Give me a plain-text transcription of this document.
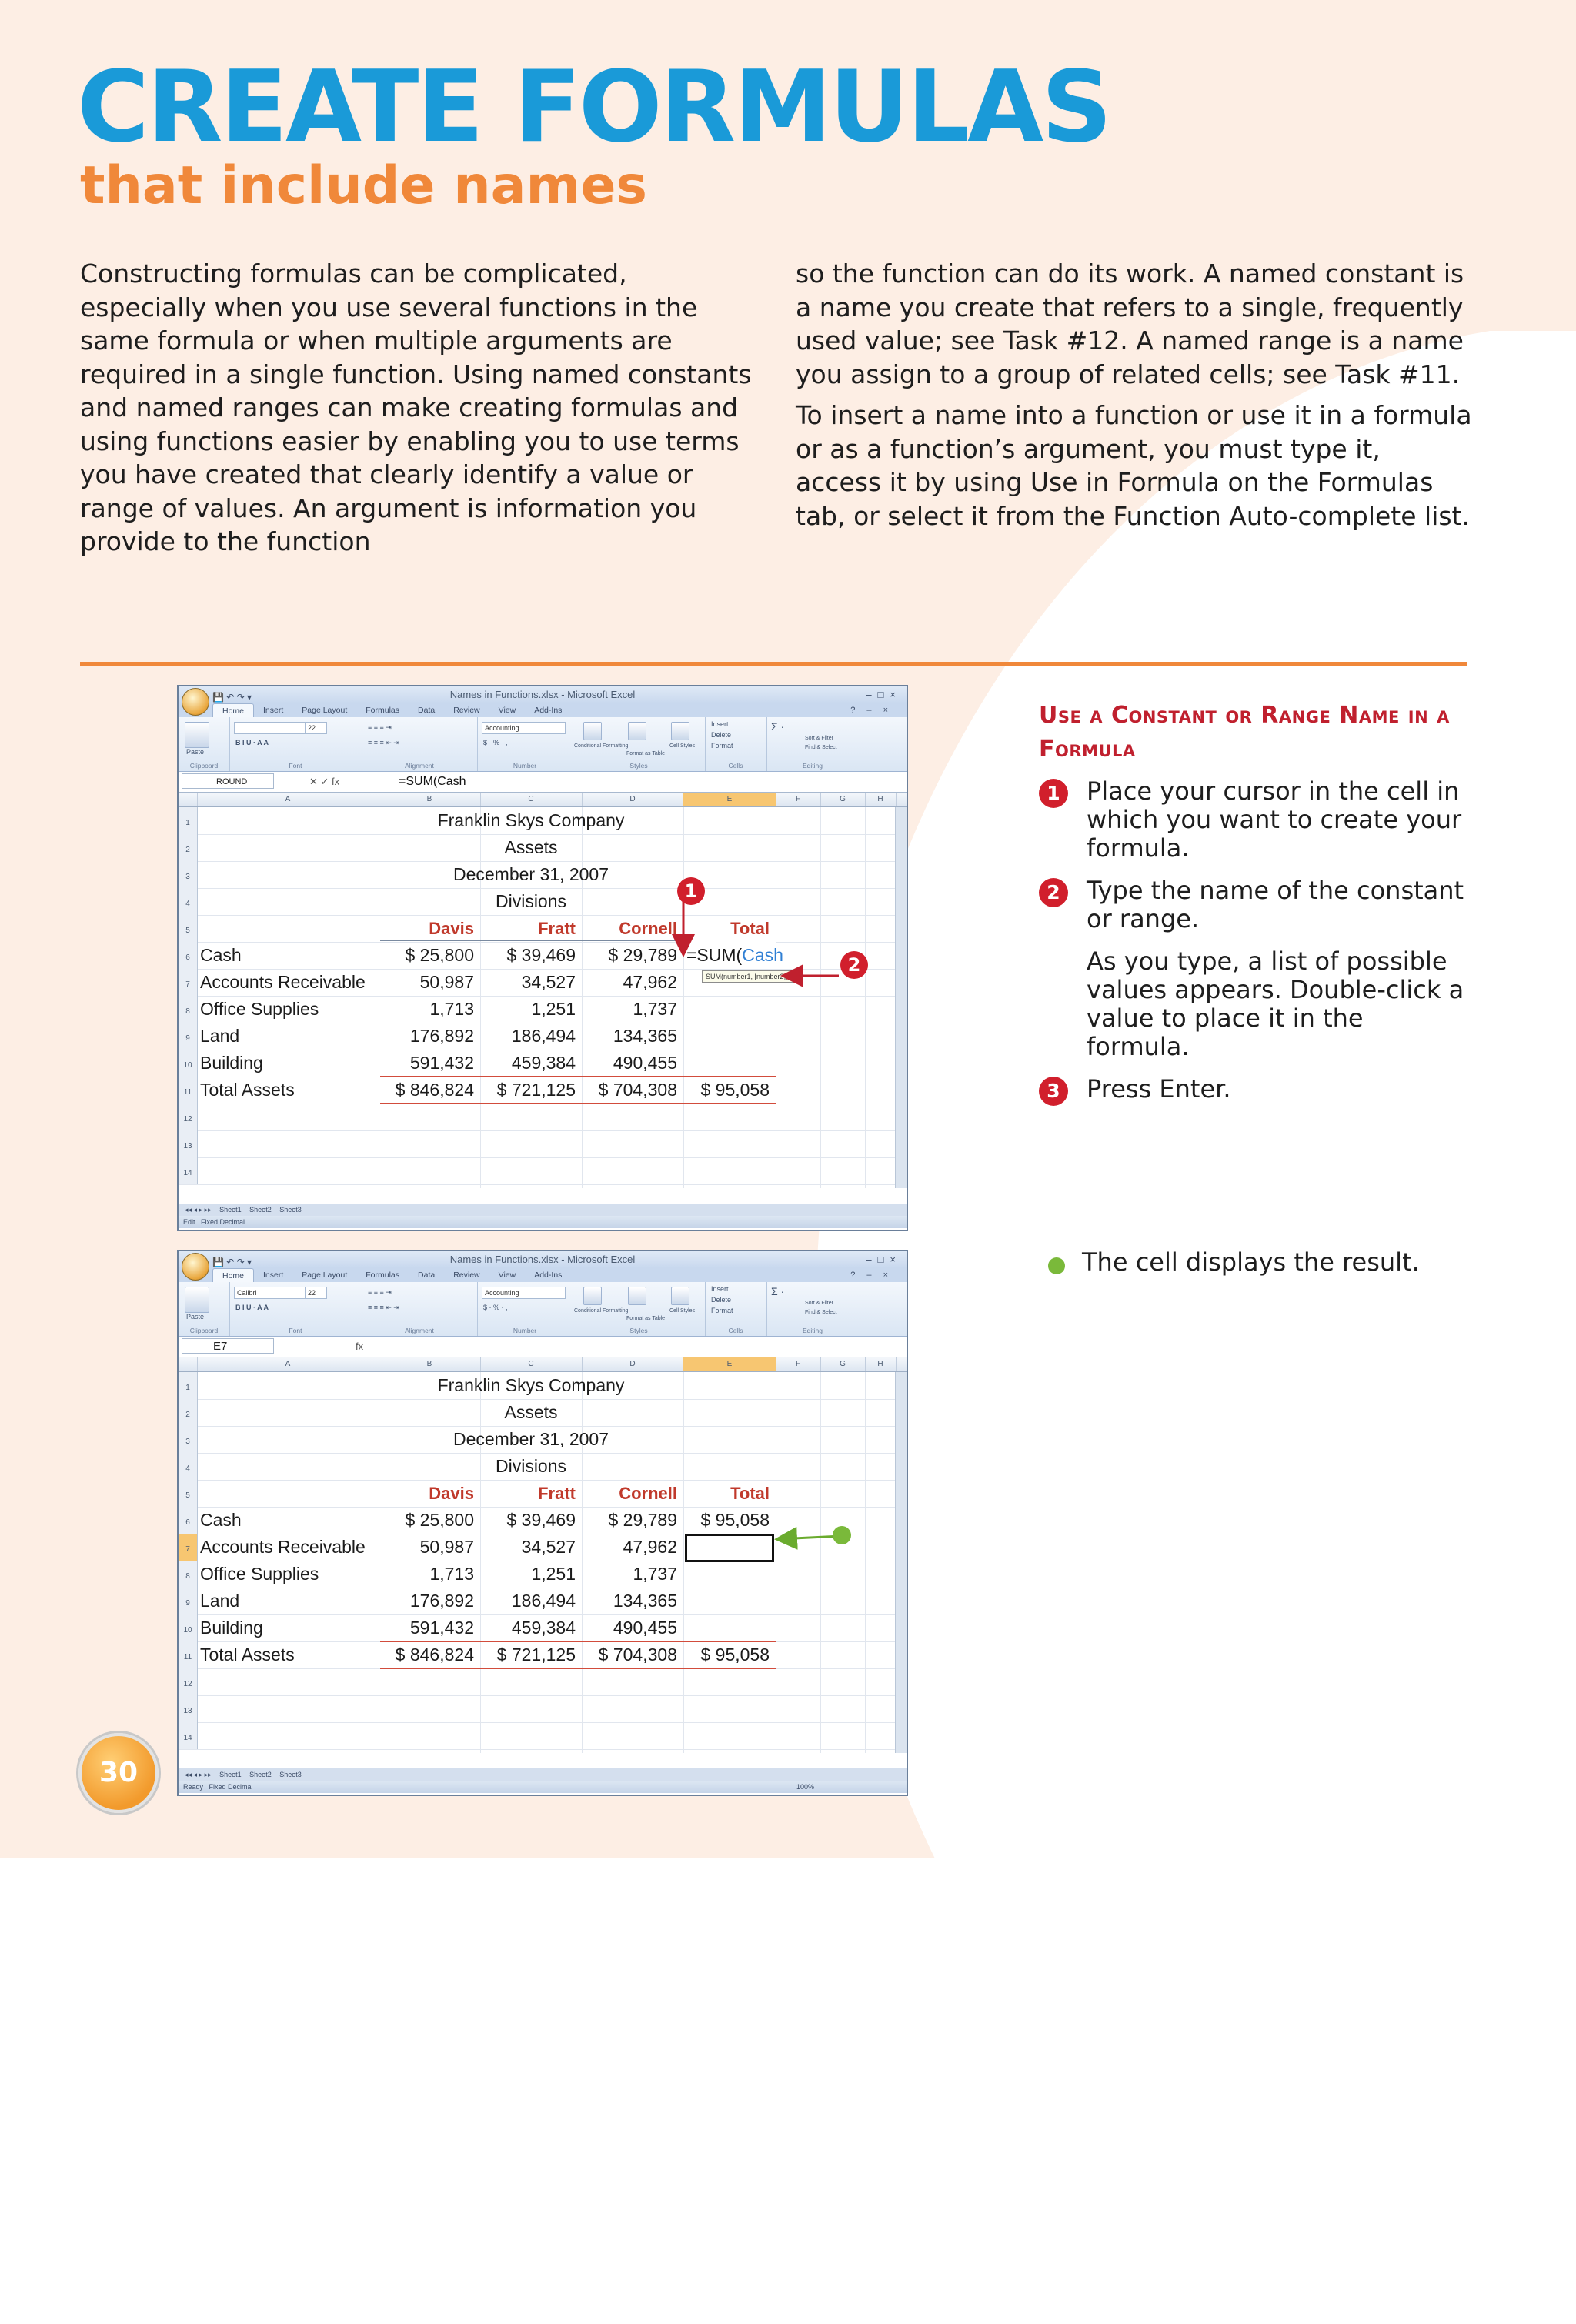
CREATE FORMULAS
that include names

Constructing formulas can be complicated, especially when you use several functions in the same formula or when multiple arguments are required in a single function. Using named constants and named ranges can make creating formulas and using functions easier by enabling you to use terms you have created that clearly identify a value or range of values. An argument is information you provide to the function

so the function can do its work. A named constant is a name you create that refers to a single, frequently used value; see Task #12. A named range is a name you assign to a group of related cells; see Task #11.

To insert a name into a function or use it in a formula or as a function’s argument, you must type it, access it by using Use in Formula on the Formulas tab, or select it from the Function Auto-complete list.

💾 ↶ ↷ ▾	Names in Functions.xlsx - Microsoft Excel	–□×
Home	Insert	Page Layout	Formulas	Data	Review	View	Add-Ins	? – ×
Paste
Clipboard
22
B I U · A A
Font
≡ ≡ ≡ ⇥
≡ ≡ ≡ ⇤ ⇥
Alignment
Accounting
$ · % · ,
Number
Conditional Formatting
Format as Table
Cell Styles
Styles
Insert
Delete
Format
Cells
Σ ·
Sort & Filter
Find & Select
Editing
ROUND	✕ ✓ fx	=SUM(Cash
A	B	C	D	E	F	G	H
1	Franklin Skys Company
2	Assets
3	December 31, 2007
4	Divisions
5	Davis	Fratt	Cornell	Total
6 Cash	$ 25,800	$ 39,469	$ 29,789 =SUM(Cash
7 Accounts Receivable	50,987	34,527	47,962
8 Office Supplies	1,713	1,251	1,737
9 Land	176,892	186,494	134,365
10 Building	591,432	459,384	490,455
11 Total Assets	$ 846,824	$ 721,125	$ 704,308	$ 95,058
12
13
14
SUM(number1, [number2], ...)
◂◂ ◂ ▸ ▸▸ Sheet1 Sheet2 Sheet3
Edit Fixed Decimal
💾 ↶ ↷ ▾	Names in Functions.xlsx - Microsoft Excel	–□×
Home	Insert	Page Layout	Formulas	Data	Review	View	Add-Ins	? – ×
Paste
Clipboard
Calibri	22
B I U · A A
Font
≡ ≡ ≡ ⇥
≡ ≡ ≡ ⇤ ⇥
Alignment
Accounting
$ · % · ,
Number
Conditional Formatting
Format as Table
Cell Styles
Styles
Insert
Delete
Format
Cells
Σ ·
Sort & Filter
Find & Select
Editing
E7	fx
A	B	C	D	E	F	G	H
1	Franklin Skys Company
2	Assets
3	December 31, 2007
4	Divisions
5	Davis	Fratt	Cornell	Total
6 Cash	$ 25,800	$ 39,469	$ 29,789	$ 95,058
7 Accounts Receivable	50,987	34,527	47,962
8 Office Supplies	1,713	1,251	1,737
9 Land	176,892	186,494	134,365
10 Building	591,432	459,384	490,455
11 Total Assets	$ 846,824	$ 721,125	$ 704,308	$ 95,058
12
13
14
◂◂ ◂ ▸ ▸▸ Sheet1 Sheet2 Sheet3
Ready Fixed Decimal	100%
1
2
Use a Constant or Range Name in a Formula
1	Place your cursor in the cell in which you want to create your formula.
2	Type the name of the constant or range.
As you type, a list of possible values appears. Double-click a value to place it in the formula.
3	Press Enter.
The cell displays the result.
30
